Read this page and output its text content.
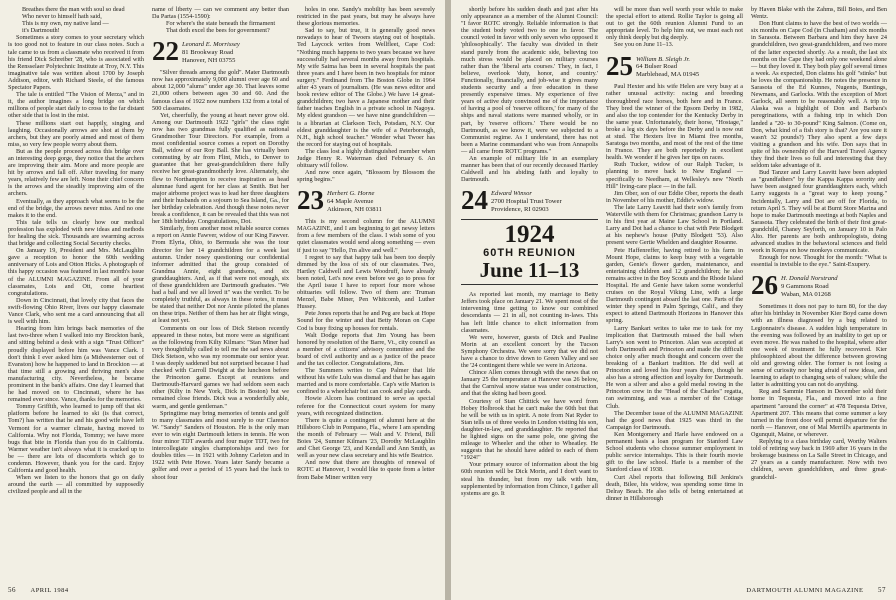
Breathes there the man with soul so dead

Who never to himself hath said,

This is my own, my native land —

it's Dartmouth!

Sometimes a story comes to your secretary which is too good not to feature in our class notes. Such a tale came to us from a classmate who received it from his friend Dick Schreiber '28, who is associated with the Rensselaer Polytechnic Institute at Troy, N.Y. This imaginative tale was written about 1700 by Joseph Addison, editor, with Richard Steele, of the famous Spectator Papers.

The tale is entitled "The Vision of Merza," and in it, the author imagines a long bridge on which millions of people start daily to cross to the far distant other side that is lost in the mist.

These millions start out happily, singing and laughing. Occasionally arrows are shot at them by archers, but they are poorly aimed and most of them miss, so very few people worry about them.

But as the people proceed across this bridge over an interesting deep gorge, they notice that the archers are improving their aim. More and more people are hit by arrows and fall off. After traveling for many years, relatively few are left. None their chief concern is the arrows and the steadily improving aim of the archers.

Eventually, as they approach what seems to be the end of the bridge, the arrows never miss. And no one makes it to the end.

This tale tells us clearly how our medical profession has exploded with new ideas and methods for healing the sick. Thousands are swarming across that bridge and collecting Social Security checks.

On January 19, President and Mrs. McLaughlin gave a reception to honor the 60th wedding anniversary of Lois and Otton Hicks. A photograph of this happy occasion was featured in last month's issue of the ALUMNI MAGAZINE. From all of your classmates, Lois and Ott, come heartiest congratulations.

Down in Cincinnati, that lovely city that faces the swift-flowing Ohio River, lives our happy classmate Vance Clark, who sent me a card announcing that all is well with him.

Hearing from him brings back memories of the last two-three when I walked into my Brockton bank, and sitting behind a desk with a sign "Trust Officer" proudly displayed before him was Vance Clark. I don't think I ever asked him (a Midwesterner out of Evanston) how he happened to land in Brockton — at that time still a growing and thriving men's shoe manufacturing city. Nevertheless, he became prominent in the bank's affairs. One day I learned that he had moved on to Cincinnati, where he has remained ever since. Vance, thanks for the memories.

Tommy Griffith, who learned to jump off that ski platform before he learned to ski (is that correct, Tom?) has written that he and his good wife have left Vermont for a warmer climate, having moved to California. Why not Florida, Tommy; we have more bugs that bite in Florida than you do in California. Warmer weather isn't always what it is cracked up to be — there are lots of discomforts which go to condemn. However, thank you for the card. Enjoy California and good health.

When we listen to the honors that go on daily around the earth — all committed by supposedly civilized people and all in the

name of liberty — can we comment any better than Da Partas (1554-1590):

For where's the state beneath the firmament

That doth excel the bees for government?

22 Leonard E. Morrissey
81 Brookway Road
Hanover, NH 03755

"Silver threads among the gold". Mater Dartmouth now has approximately 9,000 alumni over age 60 and about 12,000 "alums" under age 30. That leaves some 21,000 others between ages 30 and 60. And the famous class of 1922 now numbers 132 from a total of 500 classmates.

Yet, cheerfully, the young at heart never grow old. Among our Dartmouth 1922 "girls" the class right now has two grandmas fully qualified as national Grandmother Tour Directors. For example, from a most confidential source comes a report on Dorothy Ball, widow of our Roy Ball. She has virtually been commuting by air from Flint, Mich., to Denver to guarantee that her great-grandchildren there fully receive her great-grandmotherly love. Alternately, she flew to Northampton to receive inspiration as head alumnae fund agent for her class at Smith. But her major airborne project was to lead her three daughters and their husbands on a sojourn to Sea Island, Ga., for her birthday celebration. And though these notes never break a confidence, it can be revealed that this was not her 18th birthday. Congratulations, Dot.

Similarly, from another most reliable source comes a report on Annie Fawver, widow of our King Fawver. From Elyria, Ohio, to Bermuda she was the tour director for her 14 grandchildren for a week last autumn. Under nosey questioning our confidential informer admitted that the group consisted of Grandma Annie, eight grandsons, and six granddaughters. And, as if that were not enough, six of these grandchildren are Dartmouth graduates. "We had a ball and we all loved it" was the verdict. To be completely truthful, as always in these notes, it must be stated that neither Dot nor Annie piloted the planes on these trips. Neither of them has her air flight wings, at least not yet.

Comments on our loss of Dick Stetson recently appeared in these notes, but more were as significant as the following from Kilty Kilmars: "Stan Miner had very thoughtfully called to tell me the sad news about Dick Stetson, who was my roommate our senior year. I was deeply saddened but not surprised because I had checked with Carroll Dwight at the luncheon before the Princeton game. Except at reunions and Dartmouth-Harvard games we had seldom seen each other (Kilty in New York, Dick in Boston) but we remained close friends. Dick was a wonderfully able, warm, and gentle gentleman."

Springtime may bring memories of tennis and golf to many classmates and most surely to our Clarence W. "Sandy" Sanders of Houston. He is the only man ever to win eight Dartmouth letters in tennis. He won four minor TDT awards and four major TDT, two for intercollegiate singles championships and two for doubles titles — in 1921 with Johnny Carleton and in 1922 with Pete Howe. Years later Sandy became a golfer and over a period of 15 years had the luck to shoot four

holes in one. Sandy's mobility has been severely restricted in the past years, but may he always have these glorious memories.

Sad to say, but true, it is generally good news nowadays to hear of Twoers staying out of hospitals. Ted Laycock writes from Wellfleet, Cape Cod: "Nothing much happens to two years because we have successfully had several months away from hospitals. My wife Saima has been in several hospitals the past three years and I have been in two hospitals for minor surgery." Ferdinand from The Boston Globe in 1964 after 43 years of journalism. (He was news editor and book review editor of The Globe.) We have 14 great-grandchildren; two have a Japanese mother and their father teaches English in a private school in Nagoya. My eldest grandson — we have nine grandchildren — is a librarian at Clarkson Tech, Potsdam, N.Y. Our eldest granddaughter is the wife of a Peterborough, N.H., high school teacher." Wonder what Twoer has the record for staying out of hospitals.

The class lost a highly distinguished member when Judge Henry R. Waterman died February 6. An obituary will follow.

And now once again, "Blossom by Blossom the spring begins."

23 Herbert G. Horne
64 Maple Avenue
Atkinson, NH 03811

This is my second column for the ALUMNI MAGAZINE, and I am beginning to get newsy letters from a few members of the class. I wish some of you quiet classmates would send along something — even if just to say "Hello, I'm alive and well."

I regret to say that happy talk has been too deeply dimmed by the loss of six of our classmates. Two, Hartley Caldwell and Lewis Woodruff, have already been noted, Let's now even before we go to press for the April issue I have to report four more whose obituaries will follow. Two of them are: Truman Merzel, Babe Miner, Pen Whitcomb, and Luther Hussey.

Pete Jones reports that he and Peg are back at Hope Sound for the winter and that Betty Moran on Cape Cod is busy fixing up houses for rentals.

Walt Dodge reports that Jim Young has been honored by resolution of the Barre, Vt., city council as a member of a citizens' advisory committee and the board of civil authority and as a justice of the peace and the tax collector. Congratulations, Jim.

The Summers writes to Cap Palmer that life without his wife Lulu was dismal and that he has again married and is more comfortable. Cap's wife Marion is confined to a wheelchair but can cook and play cards.

Howie Alcorn has continued to serve as special referee for the Connecticut court system for many years, with recognized distinction.

There is quite a contingent of alumni here at the Hillsboro Club in Pompano, Fla., where I am spending the month of February — Walt and V. Friend, Bill Boies '24, Sumner Kilmars '23, Dorothy McLaughlin and Chet George '23, and Kendall and Ann Smith, as well as your new class secretary and his wife Beatrice.

And now that there are thoughts of renewal of ROTC at Hanover, I would like to quote from a letter from Babe Miner written very

56 APRIL 1984

shortly before his sudden death and just after his only appearance as a member of the Alumni Council: "I favor ROTC strongly. Reliable information is that the student body voted two to one in favor. The council voted in favor with only seven who opposed it 'philosophically'. The faculty was divided in their stand purely from the academic side, believing too much stress would be placed on military courses rather than the 'liberal arts courses.' They, in fact, I believe, overlook 'duty, honor, and country.' Functionally, financially, and job-wise it gives many students security and a free education in these presently expensive times. My experience of five years of active duty convinced me of the importance of having a pool of 'reserve officers,' for many of the ships and naval stations were manned wholly, or in part, by 'reserve officers.' There would be no Dartmouth, as we know it, were we subjected to a Communist regime. As I understand, there has not been a Marine commandant who was from Annapolis — all came from ROTC programs."

An example of military life in an exemplary manner has been that of our recently deceased Hartley Caldwell and his abiding faith and loyalty to Dartmouth.

24 Edward Winsor
2700 Hospital Trust Tower
Providence, RI 02903
1924
60TH REUNION
June 11–13

As reported last month, my marriage to Betty Jeffers took place on January 21. We spent most of the intervening time getting to know our combined descendants — 21 in all, not counting in-laws. This has left little chance to elicit information from classmates.

We were, however, guests of Dick and Pauline Morin at an excellent concert by the Tucson Symphony Orchestra. We were sorry that we did not have a chance to drive down to Green Valley and see the '24 contingent there while we were in Arizona.

Chince Allen comes through with the news that on January 25 the temperature at Hanover was 26 below, that the Carnival snow statue was under construction, and that the skiing had been good.

Courtesy of Stan Chittick we have word from Hobey Holbrook that he can't make the 60th but that he will be with us in spirit. A note from Nat Ryder to Stan tells us of three weeks in London visiting his son, daughter-in-law, and granddaughter. He reported that he lighted signs on the same pole, one giving the mileage to Wheeler and the other to Wheatley. He suggests that he should have added to each of them "1924!"

Your primary source of information about the big 60th reunion will be Dick Morin, and I don't want to steal his thunder, but from my talk with him, supplemented by information from Chince, I gather all systems are go. It

will be more than well worth your while to make the special effort to attend. Rollie Taylor is going all out to get the 60th reunion Alumni Fund to an appropriate level. To help him out, we must each not only think deeply but dig deeply.

See you on June 11–13.

25 William B. Sleigh Jr.
64 Bulser Road
Marblehead, MA 01945

Paul Hexter and his wife Helen are very busy at a rather unusual activity: racing and breeding thoroughbred race horses, both here and in France. They bred the winner of the Epsom Derby in 1982, and also the top contender for the Kentucky Derby in the same year. Unfortunately, their horse, "Hostage," broke a leg six days before the Derby and is now out at stud. The Hexters live in Miami five months, Saratoga two months, and most of the rest of the time in France. They are both reportedly in excellent health. We wonder if he gives her tips on races.

Ruth Tucker, widow of our Ralph Tucker, is planning to move back to New England — specifically to Needham, at Wellesley's new "North Hill" living-care place — in the fall.

Jim Ober, son of our Eddie Ober, reports the death in November of his mother, Eddie's widow.

The late Larry Leavitt had their son's family from Waterville with them for Christmas; grandson Larry is in his first year at Maine Law School in Portland. Larry and Dot had a chance to chat with Pete Blodgett at his nephew's house (Putty Blodgett '53). Also present were Gertie Whelden and daughter Rosanne.

Pete Haffenreffer, having retired to his farm in Mount Hope, claims to keep busy with a vegetable garden, Genie's flower garden, maintenance, and entertaining children and 12 grandchildren; he also remains active in the Boy Scouts and the Rhode Island Hospital. He and Genie have taken some wonderful cruises on the Royal Viking Line, with a large Dartmouth contingent aboard the last one. Parts of the winter they spend in Palm Springs, Calif., and they expect to attend Dartmouth Horizons in Hanover this spring.

Larry Bankart writes to take me to task for my implication that Dartmouth missed the ball when Larry's son went to Princeton. Alan was accepted at both Dartmouth and Princeton and made the difficult choice only after much thought and concern over the breaking of a Bankart tradition. He did well at Princeton and loved his four years there, though he also has a strong affection and loyalty for Dartmouth. He won a silver and also a gold medal rowing in the Princeton crew in the "Head of the Charles" regatta, ran swimming, and was a member of the Cottage Club.

The December issue of the ALUMNI MAGAZINE had the good news that 1925 was third in the Campaign for Dartmouth.

Ken Montgomery and Harle have endowed on a permanent basis a loan program for Stanford Law School students who choose summer employment in public service internships. This is their fourth movie gift to the law school. Harle is a member of the Stanford class of 1938.

Curt Abel reports that following Bill Jenkins's death, Bilee, his widow, was spending some time in Delray Beach. He also tells of being entertained at dinner in Hillsborough

by Haven Blake with the Zahms, Bill Boies, and Ben Wentz.

Don Hunt claims to have the best of two worlds — six months on Cape Cod (in Chatham) and six months in Sarasota. Between Barbara and him they have 24 grandchildren, two great-grandchildren, and two more of the latter expected shortly. As a result, the last six months on the Cape they had only one weekend alone — but they loved it. They both play golf several times a week. As expected, Don claims his golf "stinks" but he loves the companionship. He notes the presence in Sarasota of the Ed Kunnes, Nugents, Buntings, Newmans, and Garlocks. With the exception of Mort Garlock, all seem to be reasonably well. A trip to Alaska was a highlight of Don and Barbara's peregrinations, with a fishing trip in which Don landed a "20- to 30-pound" King Salmon. (Come on, Don, what kind of a fish story is that? Are you sure it wasn't 32 pounds?) They also spent a few days visiting a grandson and his wife. Don says that in spite of his ownership of the Harvard Travel Agency they find their lives so full and interesting that they seldom take advantage of it.

Bud Tanzer and Larry Leavitt have been adopted as "grandfathers" by the Kappa Kappa sorority and have been assigned four granddaughters each, which Larry suggests is a "great way to keep young." Incidentally, Larry and Dot are off for Florida, to return April 5. They will be at Burnt Store Marina and hope to make Dartmouth meetings at both Naples and Sarasota. They celebrated the birth of their first great-grandchild, Chaney Seyforth, on January 10 in Palo Alto. Her parents are both anthropologists, doing advanced studies in the behavioral sciences and field work in Kenya on how monkeys communicate.

Enough for now. Thought for the month: "What is essential is invisible to the eye." Saint-Exupery.

26 H. Donald Norstrand
9 Gammons Road
Waban, MA 01268

Sometimes it does not pay to turn 80, for the day after his birthday in November Kier Boyd came down with an illness diagnosed by a bug related to Legionnaire's disease. A sudden high temperature in the evening was followed by an inability to get up or even move. He was rushed to the hospital, where after one week of treatment he fully recovered. Kier philosophized about the difference between growing old and growing older. The former is not losing a sense of curiosity nor being afraid of new ideas, and learning to adapt to changing sets of values; while the latter is admitting you can not do anything.

Reg and Sammie Hanson in December sold their home in Tequesta, Fla., and moved into a fine apartment "around the corner" at 478 Tequesta Drive, Apartment 207. This means that come summer a key turned in the front door will permit departure for the north — Hanover, one of Mal Merrill's apartments in Ogunquit, Maine, or wherever.

Replying to a class birthday card, Worthy Walters told of retiring way back in 1969 after 16 years in the brokerage business on La Salle Street in Chicago, and 27 years as a candy manufacturer. Now with two children, seven grandchildren, and three great-grandchil-

DARTMOUTH ALUMNI MAGAZINE 57
